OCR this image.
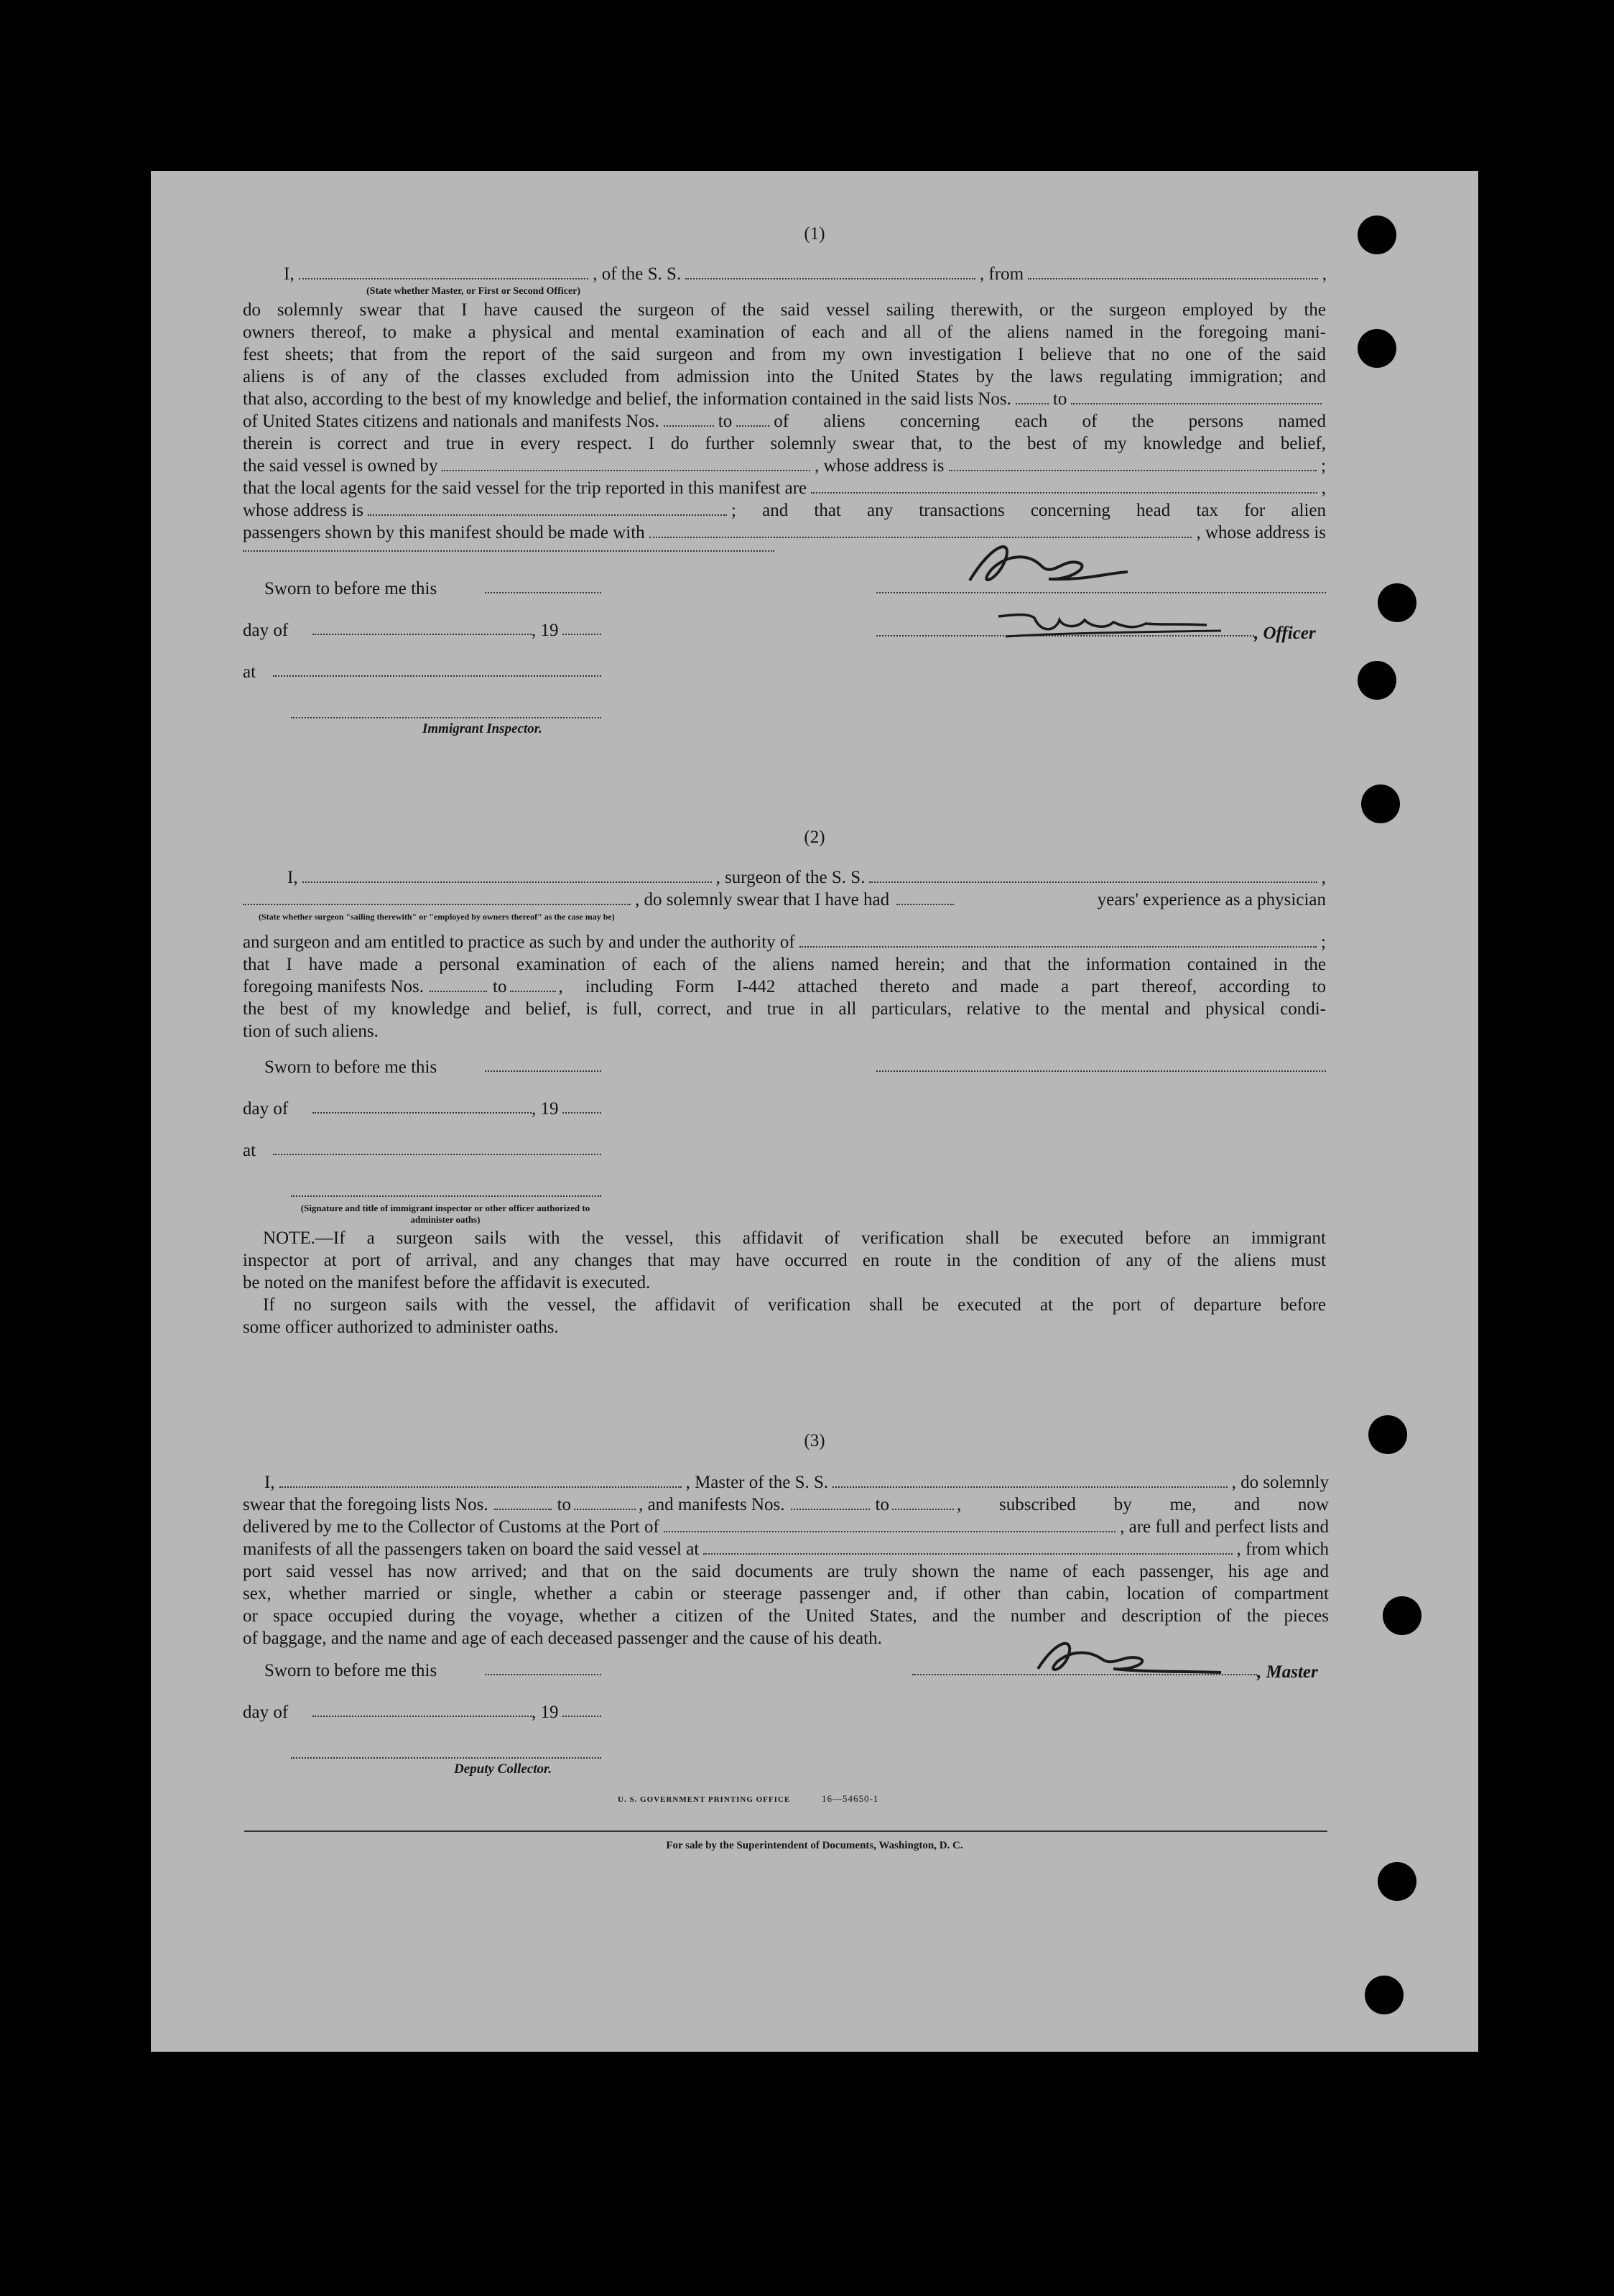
(1)
I,	, of the S. S.	, from	,
(State whether Master, or First or Second Officer)
do solemnly swear that I have caused the surgeon of the said vessel sailing therewith, or the surgeon employed by the
owners thereof, to make a physical and mental examination of each and all of the aliens named in the foregoing mani-
fest sheets; that from the report of the said surgeon and from my own investigation I believe that no one of the said
aliens is of any of the classes excluded from admission into the United States by the laws regulating immigration; and
that also, according to the best of my knowledge and belief, the information contained in the said lists Nos. to
of United States citizens and nationals and manifests Nos.	to of aliens concerning each of the persons named
therein is correct and true in every respect. I do further solemnly swear that, to the best of my knowledge and belief,
the said vessel is owned by	, whose address is	;
that the local agents for the said vessel for the trip reported in this manifest are	,
whose address is	; and that any transactions concerning head tax for alien
passengers shown by this manifest should be made with	, whose address is
Sworn to before me this
day of	, 19	, Officer
at
Immigrant Inspector.
(2)
I,	, surgeon of the S. S.	,
, do solemnly swear that I have had	years' experience as a physician
(State whether surgeon "sailing therewith" or "employed by owners thereof" as the case may be)
and surgeon and am entitled to practice as such by and under the authority of	;
that I have made a personal examination of each of the aliens named herein; and that the information contained in the
foregoing manifests Nos.	to	, including Form I-442 attached thereto and made a part thereof, according to
the best of my knowledge and belief, is full, correct, and true in all particulars, relative to the mental and physical condi-
tion of such aliens.
Sworn to before me this
day of	, 19
at
(Signature and title of immigrant inspector or other officer authorized to administer oaths)
NOTE.—If a surgeon sails with the vessel, this affidavit of verification shall be executed before an immigrant
inspector at port of arrival, and any changes that may have occurred en route in the condition of any of the aliens must
be noted on the manifest before the affidavit is executed.
If no surgeon sails with the vessel, the affidavit of verification shall be executed at the port of departure before
some officer authorized to administer oaths.
(3)
I,	, Master of the S. S.	, do solemnly
swear that the foregoing lists Nos.	to	, and manifests Nos.	to	, subscribed by me, and now
delivered by me to the Collector of Customs at the Port of	, are full and perfect lists and
manifests of all the passengers taken on board the said vessel at	, from which
port said vessel has now arrived; and that on the said documents are truly shown the name of each passenger, his age and
sex, whether married or single, whether a cabin or steerage passenger and, if other than cabin, location of compartment
or space occupied during the voyage, whether a citizen of the United States, and the number and description of the pieces
of baggage, and the name and age of each deceased passenger and the cause of his death.
Sworn to before me this	, Master
day of	, 19
Deputy Collector.
U. S. GOVERNMENT PRINTING OFFICE	16—54650-1
For sale by the Superintendent of Documents, Washington, D. C.
